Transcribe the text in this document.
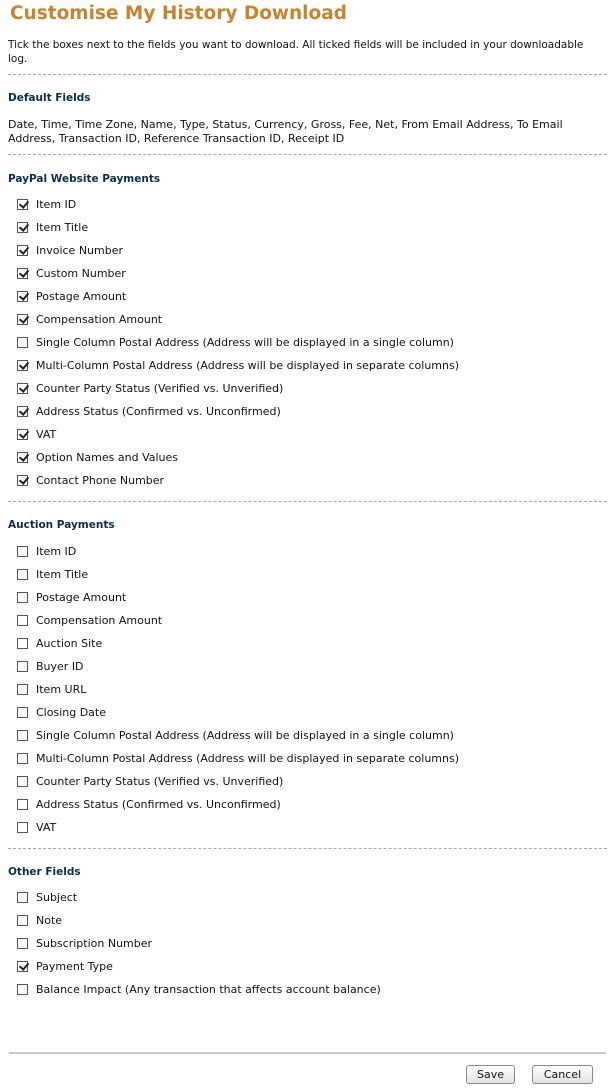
Customise My History Download
Tick the boxes next to the fields you want to download. All ticked fields will be included in your downloadable log.
Default Fields
Date, Time, Time Zone, Name, Type, Status, Currency, Gross, Fee, Net, From Email Address, To Email Address, Transaction ID, Reference Transaction ID, Receipt ID
PayPal Website Payments
Item ID
Item Title
Invoice Number
Custom Number
Postage Amount
Compensation Amount
Single Column Postal Address (Address will be displayed in a single column)
Multi-Column Postal Address (Address will be displayed in separate columns)
Counter Party Status (Verified vs. Unverified)
Address Status (Confirmed vs. Unconfirmed)
VAT
Option Names and Values
Contact Phone Number
Auction Payments
Item ID
Item Title
Postage Amount
Compensation Amount
Auction Site
Buyer ID
Item URL
Closing Date
Single Column Postal Address (Address will be displayed in a single column)
Multi-Column Postal Address (Address will be displayed in separate columns)
Counter Party Status (Verified vs. Unverified)
Address Status (Confirmed vs. Unconfirmed)
VAT
Other Fields
Subject
Note
Subscription Number
Payment Type
Balance Impact (Any transaction that affects account balance)
Save	Cancel
